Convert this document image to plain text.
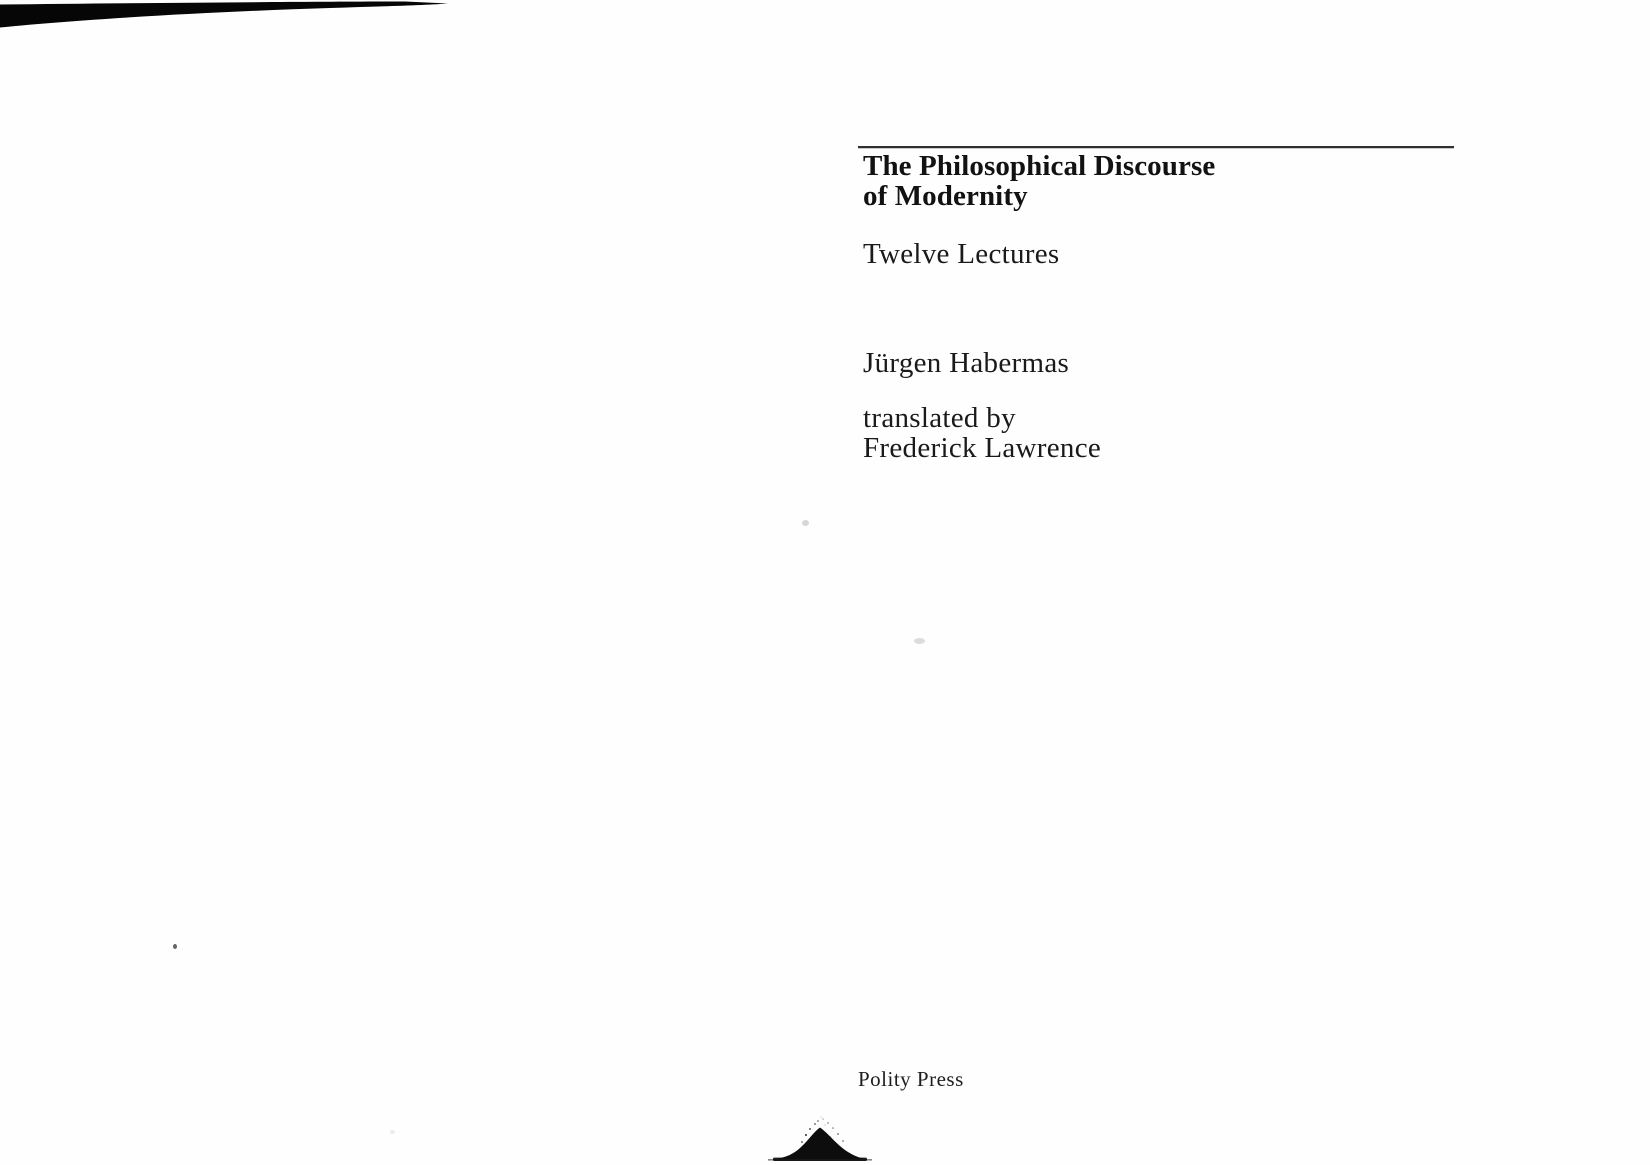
The Philosophical Discourse
of Modernity
Twelve Lectures
Jürgen Habermas
translated by
Frederick Lawrence
Polity Press
